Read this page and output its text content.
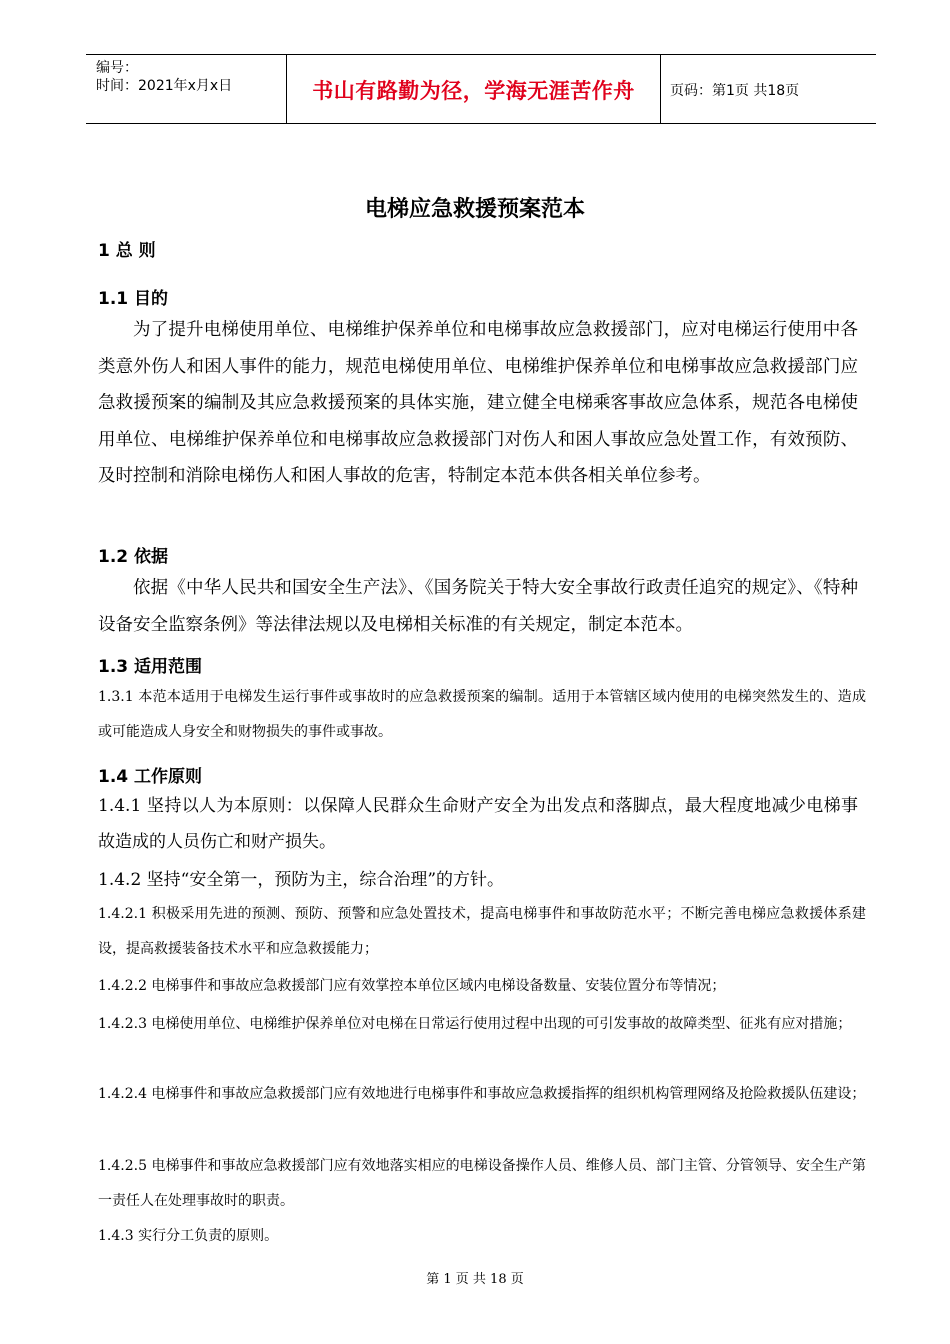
编号：
时间：2021年x月x日	书山有路勤为径，学海无涯苦作舟	页码：第1页 共18页
电梯应急救援预案范本
1 总 则
1.1 目的
为了提升电梯使用单位、电梯维护保养单位和电梯事故应急救援部门，应对电梯运行使用中各类意外伤人和困人事件的能力，规范电梯使用单位、电梯维护保养单位和电梯事故应急救援部门应急救援预案的编制及其应急救援预案的具体实施，建立健全电梯乘客事故应急体系，规范各电梯使用单位、电梯维护保养单位和电梯事故应急救援部门对伤人和困人事故应急处置工作，有效预防、及时控制和消除电梯伤人和困人事故的危害，特制定本范本供各相关单位参考。
1.2 依据
依据《中华人民共和国安全生产法》、《国务院关于特大安全事故行政责任追究的规定》、《特种设备安全监察条例》等法律法规以及电梯相关标准的有关规定，制定本范本。
1.3 适用范围
1.3.1 本范本适用于电梯发生运行事件或事故时的应急救援预案的编制。适用于本管辖区域内使用的电梯突然发生的、造成或可能造成人身安全和财物损失的事件或事故。
1.4 工作原则
1.4.1 坚持以人为本原则：以保障人民群众生命财产安全为出发点和落脚点，最大程度地减少电梯事故造成的人员伤亡和财产损失。
1.4.2 坚持“安全第一，预防为主，综合治理”的方针。
1.4.2.1 积极采用先进的预测、预防、预警和应急处置技术，提高电梯事件和事故防范水平；不断完善电梯应急救援体系建设，提高救援装备技术水平和应急救援能力；
1.4.2.2 电梯事件和事故应急救援部门应有效掌控本单位区域内电梯设备数量、安装位置分布等情况；
1.4.2.3 电梯使用单位、电梯维护保养单位对电梯在日常运行使用过程中出现的可引发事故的故障类型、征兆有应对措施；
1.4.2.4 电梯事件和事故应急救援部门应有效地进行电梯事件和事故应急救援指挥的组织机构管理网络及抢险救援队伍建设；
1.4.2.5 电梯事件和事故应急救援部门应有效地落实相应的电梯设备操作人员、维修人员、部门主管、分管领导、安全生产第一责任人在处理事故时的职责。
1.4.3 实行分工负责的原则。
第 1 页 共 18 页
